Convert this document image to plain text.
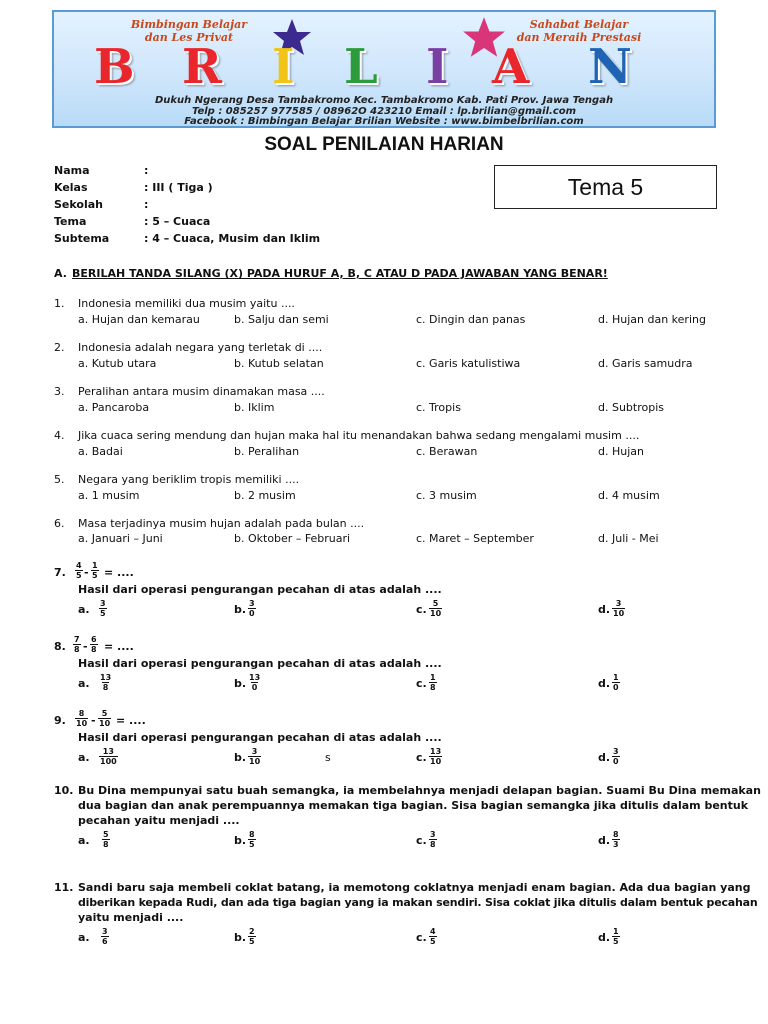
Bimbingan Belajar
dan Les Privat
Sahabat Belajar
dan Meraih Prestasi
B R I L I A N
Dukuh Ngerang Desa Tambakromo Kec. Tambakromo Kab. Pati Prov. Jawa Tengah
Telp : 085257 977585 / 08962O 423210 Email : lp.brilian@gmail.com
Facebook : Bimbingan Belajar Brilian Website : www.bimbelbrilian.com
SOAL PENILAIAN HARIAN
Tema 5
Nama	:
Kelas	: III ( Tiga )
Sekolah	:
Tema	: 5 – Cuaca
Subtema	: 4 – Cuaca, Musim dan Iklim
A. BERILAH TANDA SILANG (X) PADA HURUF A, B, C ATAU D PADA JAWABAN YANG BENAR!
1. Indonesia memiliki dua musim yaitu ....
a. Hujan dan kemarau	b. Salju dan semi	c. Dingin dan panas	d. Hujan dan kering
2. Indonesia adalah negara yang terletak di ....
a. Kutub utara	b. Kutub selatan	c. Garis katulistiwa	d. Garis samudra
3. Peralihan antara musim dinamakan masa ....
a. Pancaroba	b. Iklim	c. Tropis	d. Subtropis
4. Jika cuaca sering mendung dan hujan maka hal itu menandakan bahwa sedang mengalami musim ....
a. Badai	b. Peralihan	c. Berawan	d. Hujan
5. Negara yang beriklim tropis memiliki ....
a. 1 musim	b. 2 musim	c. 3 musim	d. 4 musim
6. Masa terjadinya musim hujan adalah pada bulan ....
a. Januari – Juni	b. Oktober – Februari	c. Maret – September	d. Juli - Mei
7. $\frac{4}{5} - \frac{1}{5}$ = ....
Hasil dari operasi pengurangan pecahan di atas adalah ....
a. $\frac{3}{5}$	b. $\frac{3}{0}$	c. $\frac{5}{10}$	d. $\frac{3}{10}$
8. $\frac{7}{8} - \frac{6}{8}$ = ....
Hasil dari operasi pengurangan pecahan di atas adalah ....
a. $\frac{13}{8}$	b. $\frac{13}{0}$	c. $\frac{1}{8}$	d. $\frac{1}{0}$
9. $\frac{8}{10} - \frac{5}{10}$ = ....
Hasil dari operasi pengurangan pecahan di atas adalah ....
a. $\frac{13}{100}$	b. $\frac{3}{10}$	s	c. $\frac{13}{10}$	d. $\frac{3}{0}$
10. Bu Dina mempunyai satu buah semangka, ia membelahnya menjadi delapan bagian. Suami Bu Dina memakan
dua bagian dan anak perempuannya memakan tiga bagian. Sisa bagian semangka jika ditulis dalam bentuk
pecahan yaitu menjadi ....
a. $\frac{5}{8}$	b. $\frac{8}{5}$	c. $\frac{3}{8}$	d. $\frac{8}{3}$
11. Sandi baru saja membeli coklat batang, ia memotong coklatnya menjadi enam bagian. Ada dua bagian yang
diberikan kepada Rudi, dan ada tiga bagian yang ia makan sendiri. Sisa coklat jika ditulis dalam bentuk pecahan
yaitu menjadi ....
a. $\frac{3}{6}$	b. $\frac{2}{5}$	c. $\frac{4}{5}$	d. $\frac{1}{5}$
